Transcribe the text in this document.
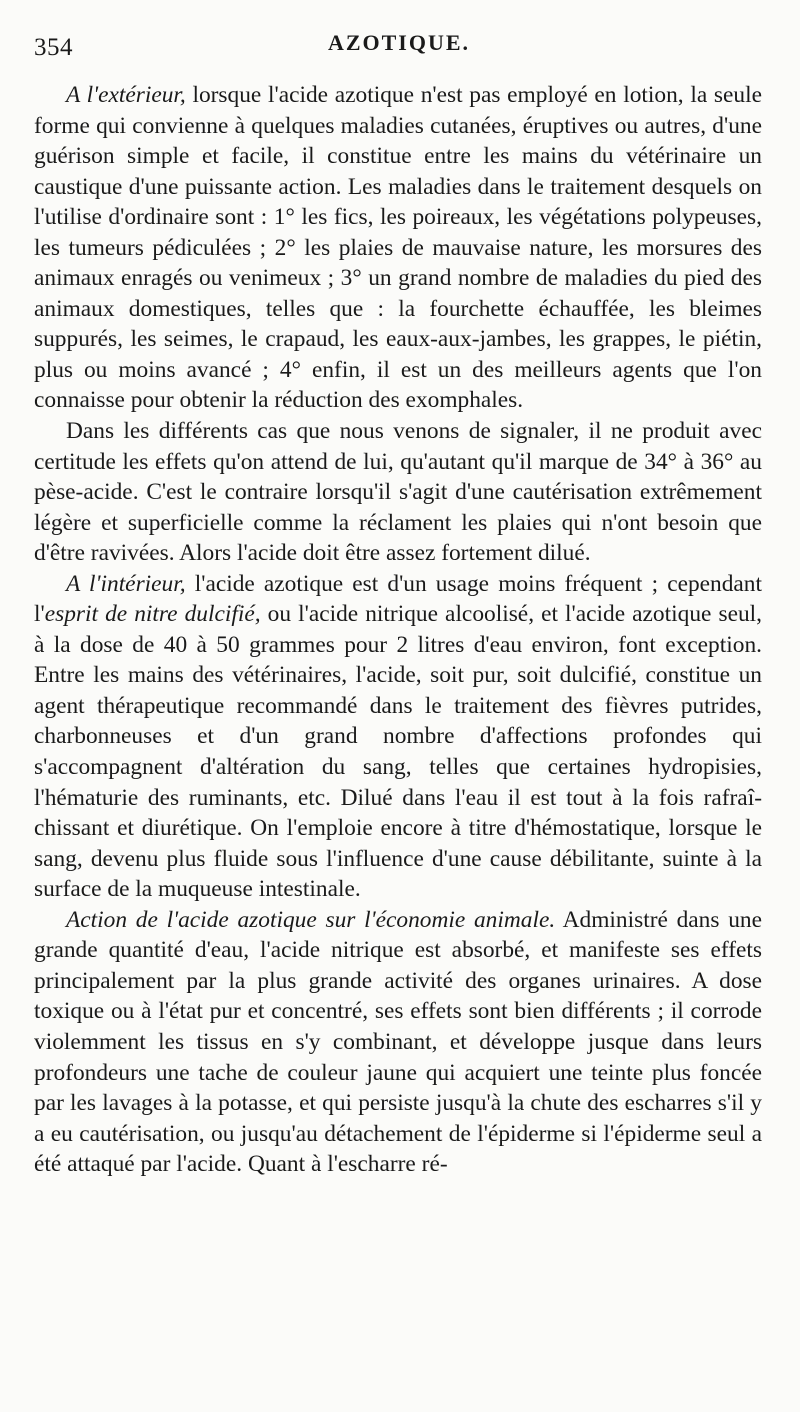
354	AZOTIQUE.

A l'extérieur, lorsque l'acide azotique n'est pas employé en lotion, la seule forme qui convienne à quelques maladies cutanées, éruptives ou autres, d'une guérison simple et facile, il constitue entre les mains du vétérinaire un caustique d'une puissante action. Les maladies dans le traitement desquels on l'utilise d'ordinaire sont : 1° les fics, les poireaux, les végétations polypeuses, les tumeurs pédiculées ; 2° les plaies de mauvaise nature, les morsures des animaux enragés ou venimeux ; 3° un grand nombre de maladies du pied des animaux domestiques, telles que : la fourchette échauffée, les bleimes suppurés, les seimes, le crapaud, les eaux-aux-jambes, les grappes, le piétin, plus ou moins avancé ; 4° enfin, il est un des meilleurs agents que l'on connaisse pour obtenir la réduction des exomphales.

Dans les différents cas que nous venons de signaler, il ne produit avec certitude les effets qu'on attend de lui, qu'autant qu'il marque de 34° à 36° au pèse-acide. C'est le contraire lorsqu'il s'agit d'une cautérisation extrêmement légère et superficielle comme la réclament les plaies qui n'ont besoin que d'être ravivées. Alors l'acide doit être assez fortement dilué.

A l'intérieur, l'acide azotique est d'un usage moins fréquent ; cependant l'esprit de nitre dulcifié, ou l'acide nitrique alcoolisé, et l'acide azotique seul, à la dose de 40 à 50 grammes pour 2 litres d'eau environ, font exception. Entre les mains des vétérinaires, l'acide, soit pur, soit dulcifié, constitue un agent thérapeutique recommandé dans le traitement des fièvres putrides, charbonneuses et d'un grand nombre d'affections profondes qui s'accompagnent d'altération du sang, telles que certaines hydropisies, l'hématurie des ruminants, etc. Dilué dans l'eau il est tout à la fois rafraîchissant et diurétique. On l'emploie encore à titre d'hémostatique, lorsque le sang, devenu plus fluide sous l'influence d'une cause débilitante, suinte à la surface de la muqueuse intestinale.

Action de l'acide azotique sur l'économie animale. Administré dans une grande quantité d'eau, l'acide nitrique est absorbé, et manifeste ses effets principalement par la plus grande activité des organes urinaires. A dose toxique ou à l'état pur et concentré, ses effets sont bien différents ; il corrode violemment les tissus en s'y combinant, et développe jusque dans leurs profondeurs une tache de couleur jaune qui acquiert une teinte plus foncée par les lavages à la potasse, et qui persiste jusqu'à la chute des escharres s'il y a eu cautérisation, ou jusqu'au détachement de l'épiderme si l'épiderme seul a été attaqué par l'acide. Quant à l'escharre ré-
